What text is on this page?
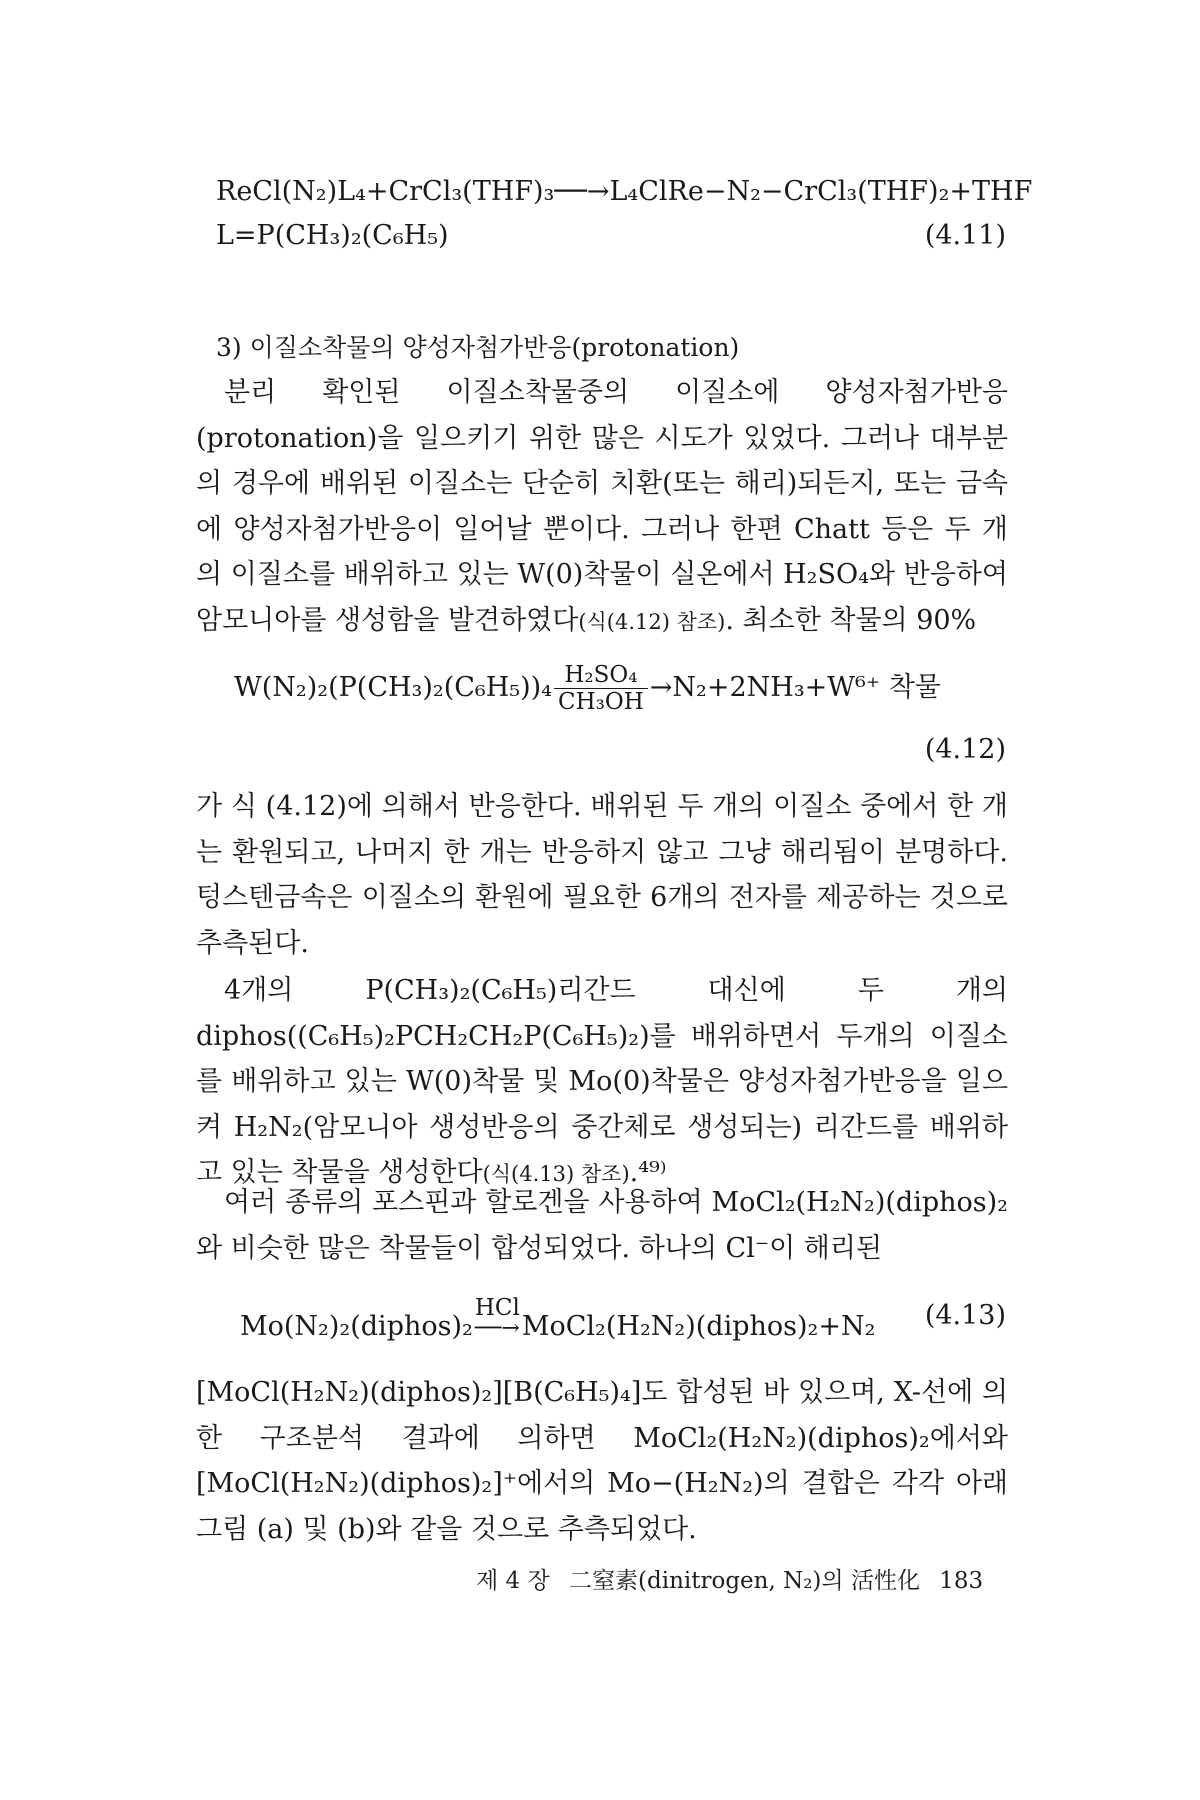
ReCl(N₂)L₄+CrCl₃(THF)₃──→L₄ClRe−N₂−CrCl₃(THF)₂+THF
L=P(CH₃)₂(C₆H₅)	(4.11)
3) 이질소착물의 양성자첨가반응(protonation)
분리 확인된 이질소착물중의 이질소에 양성자첨가반응(protonation)을 일으키기 위한 많은 시도가 있었다. 그러나 대부분의 경우에 배위된 이질소는 단순히 치환(또는 해리)되든지, 또는 금속에 양성자첨가반응이 일어날 뿐이다. 그러나 한편 Chatt 등은 두 개의 이질소를 배위하고 있는 W(0)착물이 실온에서 H₂SO₄와 반응하여 암모니아를 생성함을 발견하였다(식(4.12) 참조). 최소한 착물의 90%
$W(N_2)_2(P(CH_3)_2(C_6H_5))_4 \frac{\text{H₂SO₄}}{\text{CH₃OH}} \to N_2+2NH_3+W^{6+}$ 착물
(4.12)
가 식 (4.12)에 의해서 반응한다. 배위된 두 개의 이질소 중에서 한 개는 환원되고, 나머지 한 개는 반응하지 않고 그냥 해리됨이 분명하다. 텅스텐금속은 이질소의 환원에 필요한 6개의 전자를 제공하는 것으로 추측된다.
4개의 P(CH₃)₂(C₆H₅)리간드 대신에 두 개의 diphos((C₆H₅)₂PCH₂CH₂P(C₆H₅)₂)를 배위하면서 두개의 이질소를 배위하고 있는 W(0)착물 및 Mo(0)착물은 양성자첨가반응을 일으켜 H₂N₂(암모니아 생성반응의 중간체로 생성되는) 리간드를 배위하고 있는 착물을 생성한다(식(4.13) 참조).⁴⁹⁾
여러 종류의 포스핀과 할로겐을 사용하여 MoCl₂(H₂N₂)(diphos)₂와 비슷한 많은 착물들이 합성되었다. 하나의 Cl⁻이 해리된
Mo(N₂)₂(diphos)₂
HCl
──→ MoCl₂(H₂N₂)(diphos)₂+N₂ (4.13)
[MoCl(H₂N₂)(diphos)₂][B(C₆H₅)₄]도 합성된 바 있으며, X-선에 의한 구조분석 결과에 의하면 MoCl₂(H₂N₂)(diphos)₂에서와 [MoCl(H₂N₂)(diphos)₂]⁺에서의 Mo−(H₂N₂)의 결합은 각각 아래 그림 (a) 및 (b)와 같을 것으로 추측되었다.
제 4 장 二窒素(dinitrogen, N₂)의 活性化 183
